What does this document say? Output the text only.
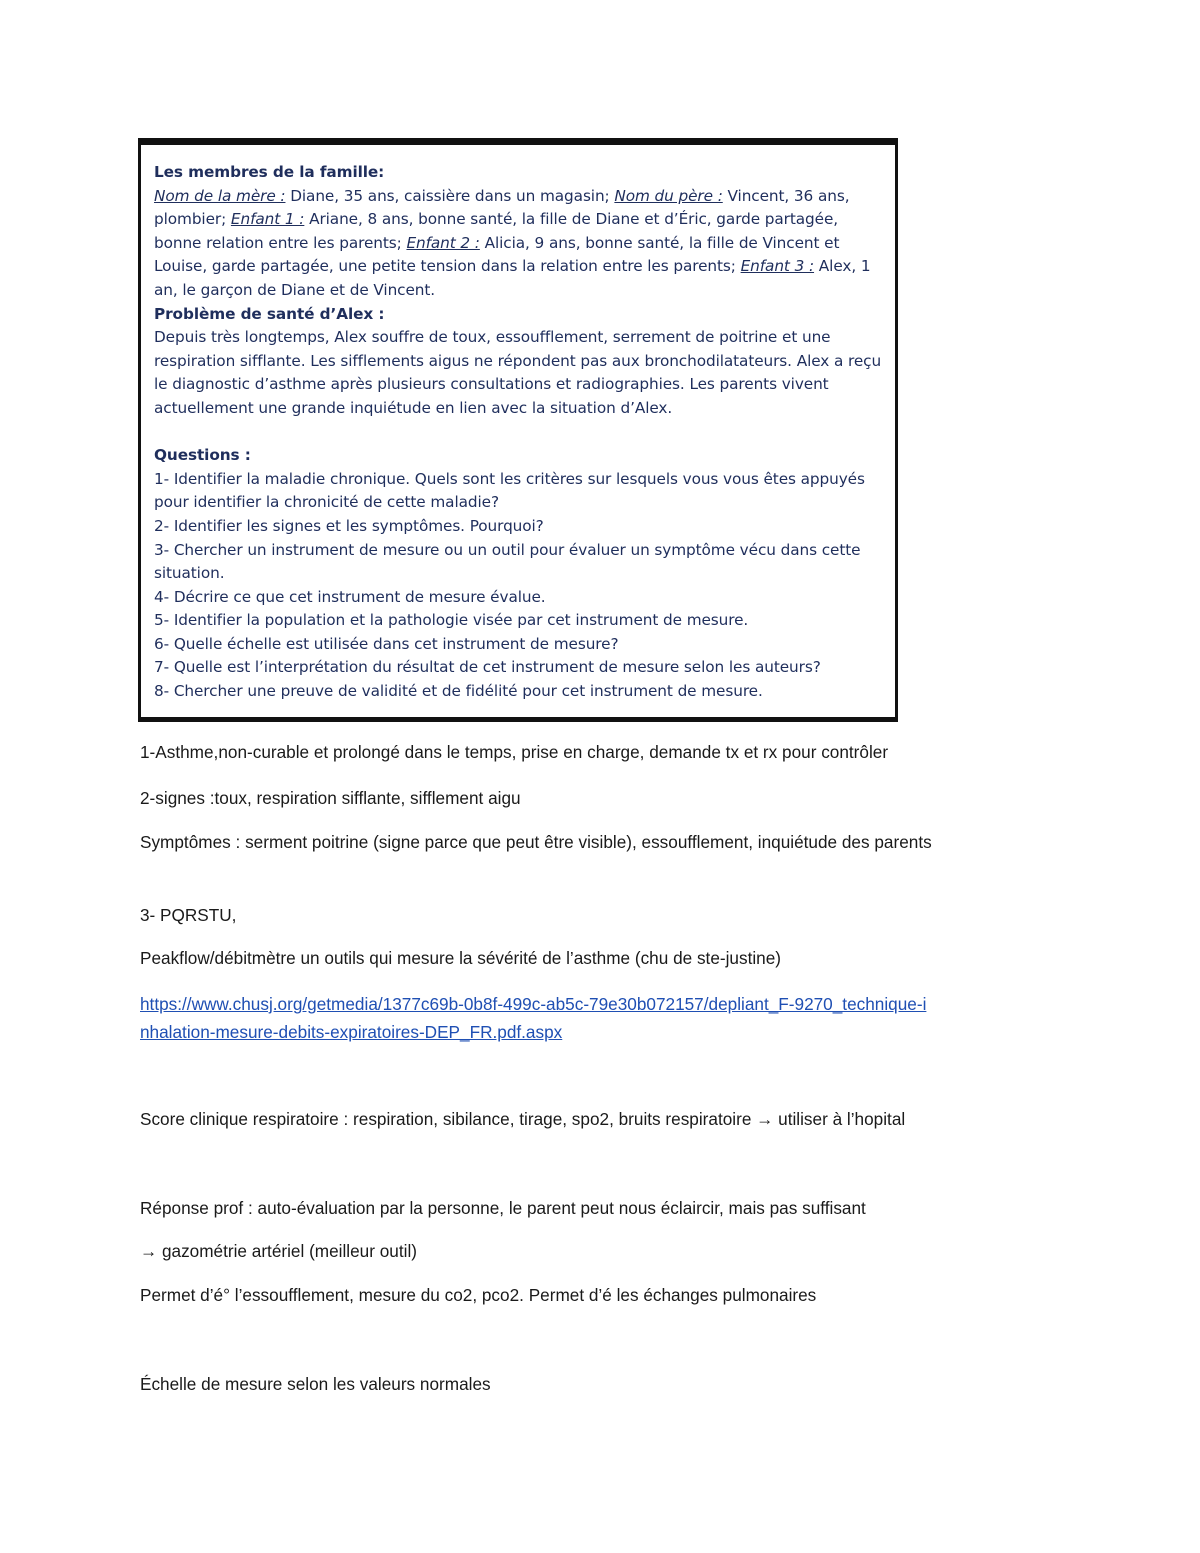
Les membres de la famille:

Nom de la mère : Diane, 35 ans, caissière dans un magasin; Nom du père : Vincent, 36 ans, plombier; Enfant 1 : Ariane, 8 ans, bonne santé, la fille de Diane et d’Éric, garde partagée, bonne relation entre les parents; Enfant 2 : Alicia, 9 ans, bonne santé, la fille de Vincent et Louise, garde partagée, une petite tension dans la relation entre les parents; Enfant 3 : Alex, 1 an, le garçon de Diane et de Vincent.

Problème de santé d’Alex :

Depuis très longtemps, Alex souffre de toux, essoufflement, serrement de poitrine et une respiration sifflante. Les sifflements aigus ne répondent pas aux bronchodilatateurs. Alex a reçu le diagnostic d’asthme après plusieurs consultations et radiographies. Les parents vivent actuellement une grande inquiétude en lien avec la situation d’Alex.

Questions :

1- Identifier la maladie chronique. Quels sont les critères sur lesquels vous vous êtes appuyés pour identifier la chronicité de cette maladie?

2- Identifier les signes et les symptômes. Pourquoi?

3- Chercher un instrument de mesure ou un outil pour évaluer un symptôme vécu dans cette situation.

4- Décrire ce que cet instrument de mesure évalue.

5- Identifier la population et la pathologie visée par cet instrument de mesure.

6- Quelle échelle est utilisée dans cet instrument de mesure?

7- Quelle est l’interprétation du résultat de cet instrument de mesure selon les auteurs?

8- Chercher une preuve de validité et de fidélité pour cet instrument de mesure.

1-Asthme,non-curable et prolongé dans le temps, prise en charge, demande tx et rx pour contrôler

2-signes :toux, respiration sifflante, sifflement aigu

Symptômes : serment poitrine (signe parce que peut être visible), essoufflement, inquiétude des parents

3- PQRSTU,

Peakflow/débitmètre un outils qui mesure la sévérité de l’asthme (chu de ste-justine)

https://www.chusj.org/getmedia/1377c69b-0b8f-499c-ab5c-79e30b072157/depliant_F-9270_technique-inhalation-mesure-debits-expiratoires-DEP_FR.pdf.aspx

Score clinique respiratoire : respiration, sibilance, tirage, spo2, bruits respiratoire → utiliser à l’hopital

Réponse prof : auto-évaluation par la personne, le parent peut nous éclaircir, mais pas suffisant

→ gazométrie artériel (meilleur outil)

Permet d’é° l’essoufflement, mesure du co2, pco2. Permet d’é les échanges pulmonaires

Échelle de mesure selon les valeurs normales
